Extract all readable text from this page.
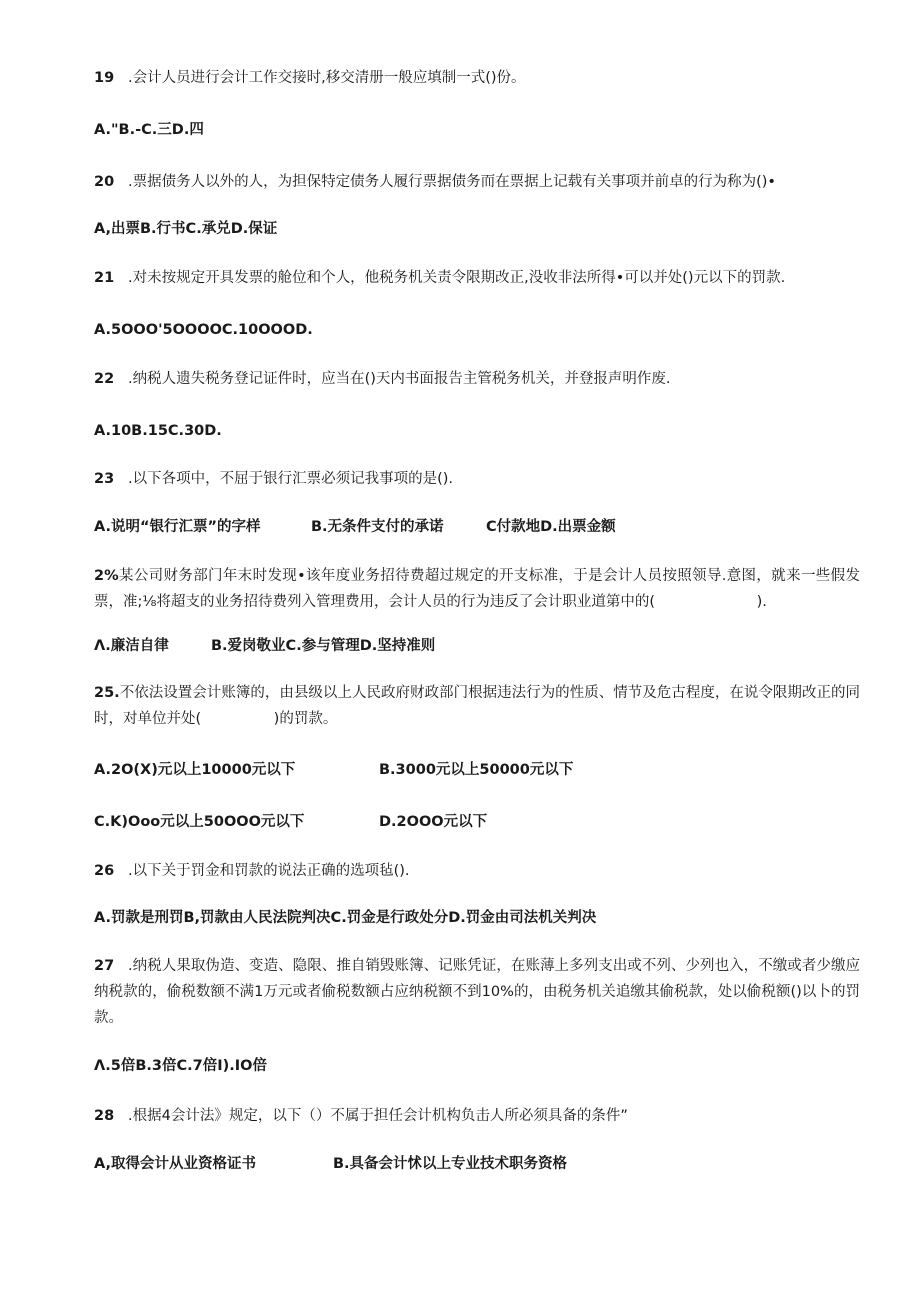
19 .会计人员进行会计工作交接时,移交清册一般应填制一式()份。
A."B.-C.三D.四
20 .票据债务人以外的人，为担保特定债务人履行票据债务而在票据上记载有关事项并前卓的行为称为()•
A,出票B.行书C.承兑D.保证
21 .对未按规定开具发票的舱位和个人，他税务机关责令限期改正,没收非法所得•可以并处()元以下的罚款.
A.5OOO'5OOOOC.10OOOD.
22 .纳税人遗失税务登记证件时，应当在()天内书面报告主管税务机关，并登报声明作废.
A.10B.15C.30D.
23 .以下各项中，不屈于银行汇票必须记我事项的是().
A.说明“银行汇票”的字样	B.无条件支付的承诺	C付款地D.出票金额
2%某公司财务部门年末时发现•该年度业务招待费超过规定的开支标准，于是会计人员按照领导.意图，就来一些假发票，准;⅛将超支的业务招待费列入管理费用，会计人员的行为违反了会计职业道第中的(　　　　　　　).
Λ.廉洁自律	B.爱岗敬业C.参与管理D.坚持准则
25.不依法设置会计账簿的，由县级以上人民政府财政部门根据违法行为的性质、情节及危古程度，在说令限期改正的同时，对单位并处(　　　　　)的罚款。
A.2O(X)元以上10000元以下	B.3000元以上50000元以下
C.K)Ooo元以上50OOO元以下	D.2OOO元以下
26 .以下关于罚金和罚款的说法正确的选项毡().
A.罚款是刑罚B,罚款由人民法院判决C.罚金是行政处分D.罚金由司法机关判决
27 .纳税人果取伪造、变造、隐限、推自销毁账簿、记账凭证，在账薄上多列支出或不列、少列也入，不缴或者少缴应纳税款的，偷税数额不满1万元或者偷税数额占应纳税额不到10%的，由税务机关追缴其偷税款，处以偷税额()以卜的罚款。
Λ.5倍B.3倍C.7倍I).IO倍
28 .根据4会计法》规定，以下（）不属于担任会计机构负击人所必须具备的条件”
A,取得会计从业资格证书	B.具备会计怵以上专业技术职务资格
